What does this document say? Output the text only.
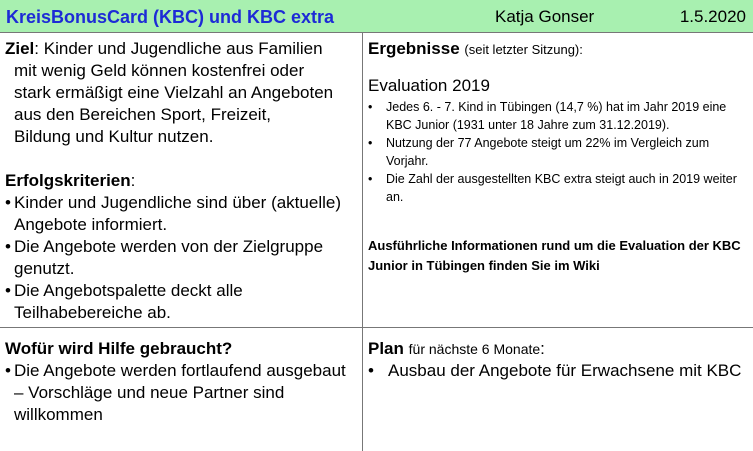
KreisBonusCard (KBC) und KBC extra	Katja Gonser	1.5.2020
Ziel: Kinder und Jugendliche aus Familien
mit wenig Geld können kostenfrei oder
stark ermäßigt eine Vielzahl an Angeboten
aus den Bereichen Sport, Freizeit,
Bildung und Kultur nutzen.
Erfolgskriterien:
• Kinder und Jugendliche sind über (aktuelle) Angebote informiert.
• Die Angebote werden von der Zielgruppe genutzt.
• Die Angebotspalette deckt alle Teilhabebereiche ab.
Ergebnisse (seit letzter Sitzung):
Evaluation 2019
• Jedes 6. - 7. Kind in Tübingen (14,7 %) hat im Jahr 2019 eine KBC Junior (1931 unter 18 Jahre zum 31.12.2019).
• Nutzung der 77 Angebote steigt um 22% im Vergleich zum Vorjahr.
• Die Zahl der ausgestellten KBC extra steigt auch in 2019 weiter an.
Ausführliche Informationen rund um die Evaluation der KBC Junior in Tübingen finden Sie im Wiki
Wofür wird Hilfe gebraucht?
• Die Angebote werden fortlaufend ausgebaut – Vorschläge und neue Partner sind willkommen
Plan für nächste 6 Monate:
• Ausbau der Angebote für Erwachsene mit KBC
